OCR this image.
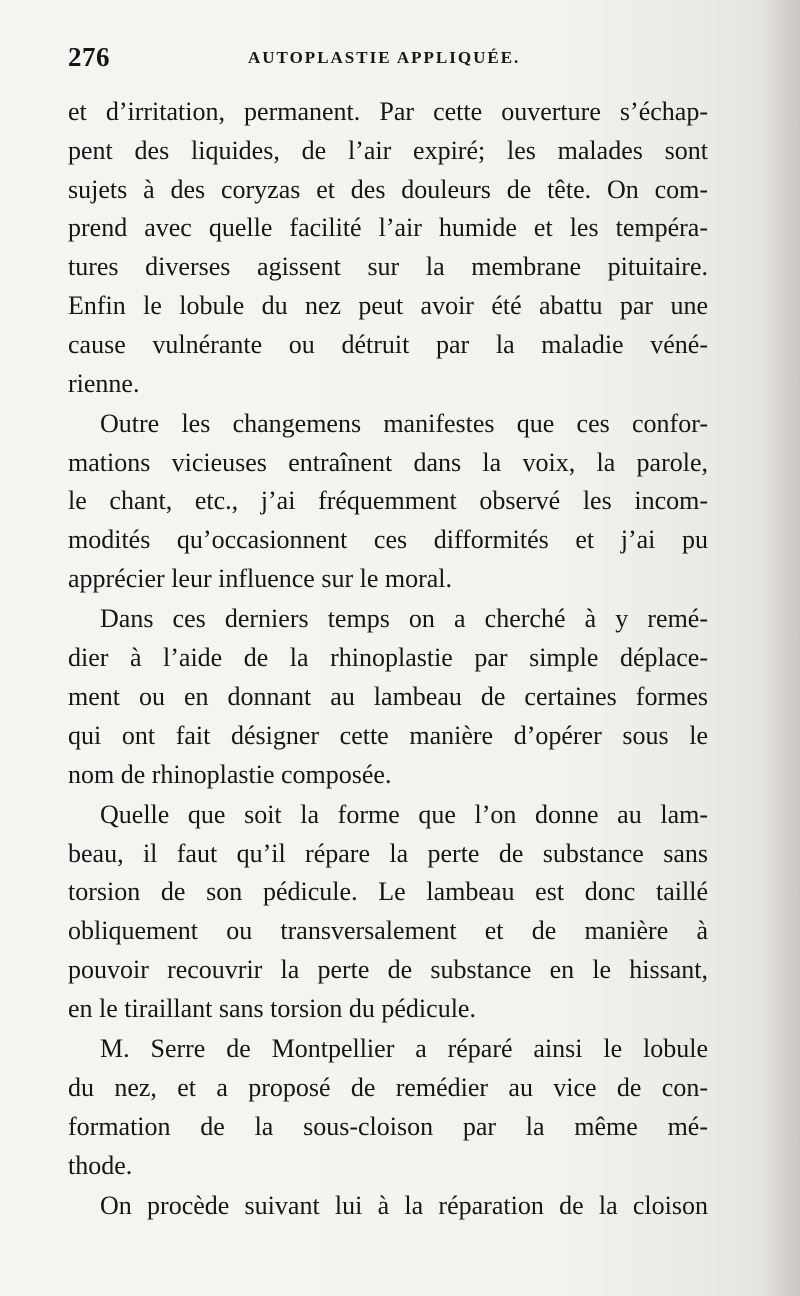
276	AUTOPLASTIE APPLIQUÉE.

et d’irritation, permanent. Par cette ouverture s’échap-
pent des liquides, de l’air expiré; les malades sont
sujets à des coryzas et des douleurs de tête. On com-
prend avec quelle facilité l’air humide et les tempéra-
tures diverses agissent sur la membrane pituitaire.
Enfin le lobule du nez peut avoir été abattu par une
cause vulnérante ou détruit par la maladie véné-
rienne.

Outre les changemens manifestes que ces confor-
mations vicieuses entraînent dans la voix, la parole,
le chant, etc., j’ai fréquemment observé les incom-
modités qu’occasionnent ces difformités et j’ai pu
apprécier leur influence sur le moral.

Dans ces derniers temps on a cherché à y remé-
dier à l’aide de la rhinoplastie par simple déplace-
ment ou en donnant au lambeau de certaines formes
qui ont fait désigner cette manière d’opérer sous le
nom de rhinoplastie composée.

Quelle que soit la forme que l’on donne au lam-
beau, il faut qu’il répare la perte de substance sans
torsion de son pédicule. Le lambeau est donc taillé
obliquement ou transversalement et de manière à
pouvoir recouvrir la perte de substance en le hissant,
en le tiraillant sans torsion du pédicule.

M. Serre de Montpellier a réparé ainsi le lobule
du nez, et a proposé de remédier au vice de con-
formation de la sous-cloison par la même mé-
thode.

On procède suivant lui à la réparation de la cloison
